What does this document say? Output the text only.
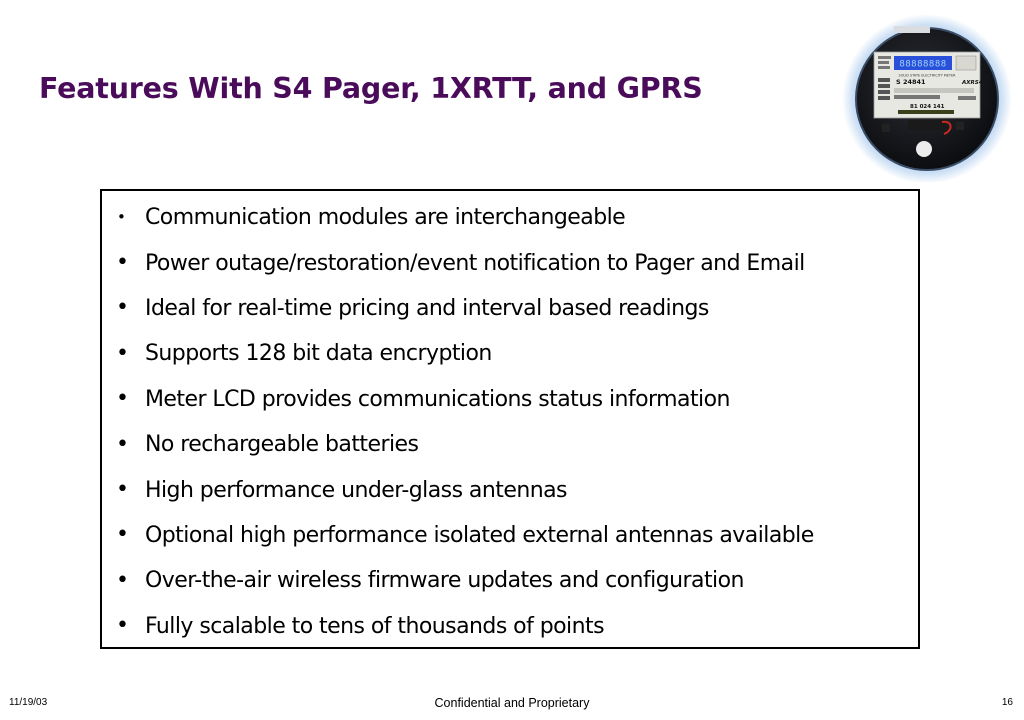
Features With S4 Pager, 1XRTT, and GPRS
88888888
SOLID STATE ELECTRICITY METER
S 24841	AXRS4
81 024 141
• Communication modules are interchangeable
• Power outage/restoration/event notification to Pager and Email
• Ideal for real-time pricing and interval based readings
• Supports 128 bit data encryption
• Meter LCD provides communications status information
• No rechargeable batteries
• High performance under-glass antennas
• Optional high performance isolated external antennas available
• Over-the-air wireless firmware updates and configuration
• Fully scalable to tens of thousands of points
11/19/03	Confidential and Proprietary	16
